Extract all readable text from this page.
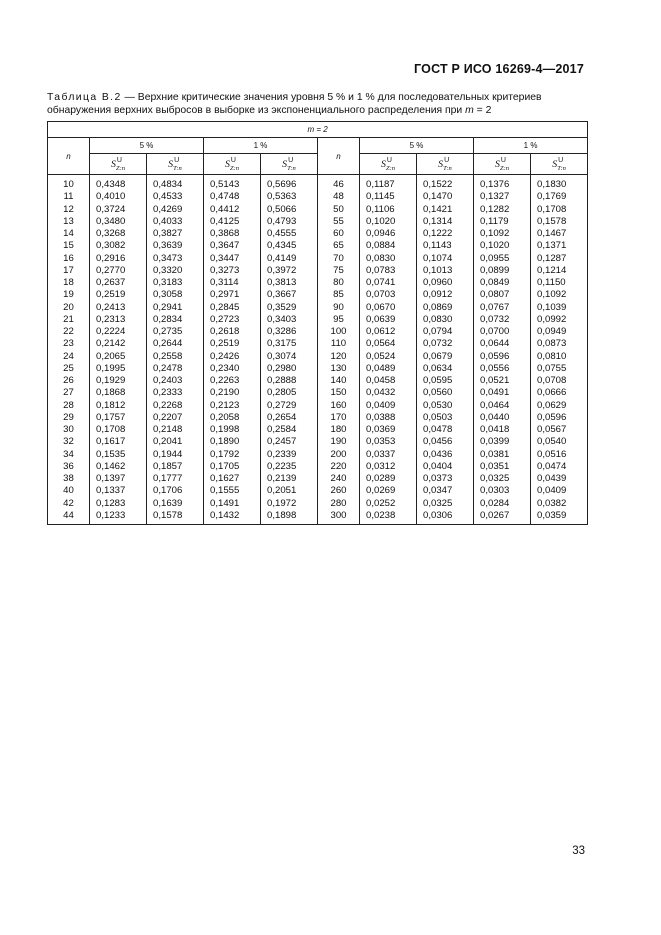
ГОСТ Р ИСО 16269-4—2017
Таблица В.2 — Верхние критические значения уровня 5 % и 1 % для последовательных критериев обнаружения верхних выбросов в выборке из экспоненциального распределения при m = 2
m = 2									
n	5 %		1 %		n	5 %		1 %	
	$S^U_{Z:n}$	$S^U_{T:n}$	$S^U_{Z:n}$	$S^U_{T:n}$		$S^U_{Z:n}$	$S^U_{T:n}$	$S^U_{Z:n}$	$S^U_{T:n}$
10	0,4348	0,4834	0,5143	0,5696	46	0,1187	0,1522	0,1376	0,1830
11	0,4010	0,4533	0,4748	0,5363	48	0,1145	0,1470	0,1327	0,1769
12	0,3724	0,4269	0,4412	0,5066	50	0,1106	0,1421	0,1282	0,1708
13	0,3480	0,4033	0,4125	0,4793	55	0,1020	0,1314	0,1179	0,1578
14	0,3268	0,3827	0,3868	0,4555	60	0,0946	0,1222	0,1092	0,1467
15	0,3082	0,3639	0,3647	0,4345	65	0,0884	0,1143	0,1020	0,1371
16	0,2916	0,3473	0,3447	0,4149	70	0,0830	0,1074	0,0955	0,1287
17	0,2770	0,3320	0,3273	0,3972	75	0,0783	0,1013	0,0899	0,1214
18	0,2637	0,3183	0,3114	0,3813	80	0,0741	0,0960	0,0849	0,1150
19	0,2519	0,3058	0,2971	0,3667	85	0,0703	0,0912	0,0807	0,1092
20	0,2413	0,2941	0,2845	0,3529	90	0,0670	0,0869	0,0767	0,1039
21	0,2313	0,2834	0,2723	0,3403	95	0,0639	0,0830	0,0732	0,0992
22	0,2224	0,2735	0,2618	0,3286	100	0,0612	0,0794	0,0700	0,0949
23	0,2142	0,2644	0,2519	0,3175	110	0,0564	0,0732	0,0644	0,0873
24	0,2065	0,2558	0,2426	0,3074	120	0,0524	0,0679	0,0596	0,0810
25	0,1995	0,2478	0,2340	0,2980	130	0,0489	0,0634	0,0556	0,0755
26	0,1929	0,2403	0,2263	0,2888	140	0,0458	0,0595	0,0521	0,0708
27	0,1868	0,2333	0,2190	0,2805	150	0,0432	0,0560	0,0491	0,0666
28	0,1812	0,2268	0,2123	0,2729	160	0,0409	0,0530	0,0464	0,0629
29	0,1757	0,2207	0,2058	0,2654	170	0,0388	0,0503	0,0440	0,0596
30	0,1708	0,2148	0,1998	0,2584	180	0,0369	0,0478	0,0418	0,0567
32	0,1617	0,2041	0,1890	0,2457	190	0,0353	0,0456	0,0399	0,0540
34	0,1535	0,1944	0,1792	0,2339	200	0,0337	0,0436	0,0381	0,0516
36	0,1462	0,1857	0,1705	0,2235	220	0,0312	0,0404	0,0351	0,0474
38	0,1397	0,1777	0,1627	0,2139	240	0,0289	0,0373	0,0325	0,0439
40	0,1337	0,1706	0,1555	0,2051	260	0,0269	0,0347	0,0303	0,0409
42	0,1283	0,1639	0,1491	0,1972	280	0,0252	0,0325	0,0284	0,0382
44	0,1233	0,1578	0,1432	0,1898	300	0,0238	0,0306	0,0267	0,0359
33
